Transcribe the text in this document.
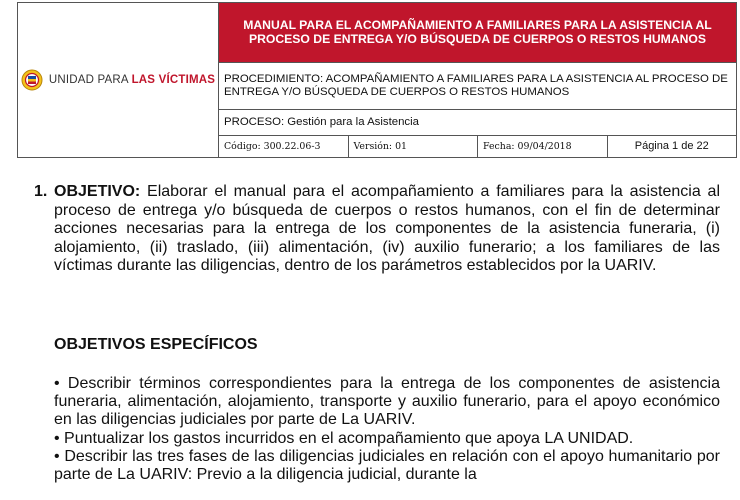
UNIDAD PARA LAS VÍCTIMAS	MANUAL PARA EL ACOMPAÑAMIENTO A FAMILIARES PARA LA ASISTENCIA AL PROCESO DE ENTREGA Y/O BÚSQUEDA DE CUERPOS O RESTOS HUMANOS			
	PROCEDIMIENTO: ACOMPAÑAMIENTO A FAMILIARES PARA LA ASISTENCIA AL PROCESO DE ENTREGA Y/O BÚSQUEDA DE CUERPOS O RESTOS HUMANOS			
	PROCESO: Gestión para la Asistencia			
	Código: 300.22.06-3	Versión: 01	Fecha: 09/04/2018	Página 1 de 22

1. OBJETIVO: Elaborar el manual para el acompañamiento a familiares para la asistencia al proceso de entrega y/o búsqueda de cuerpos o restos humanos, con el fin de determinar acciones necesarias para la entrega de los componentes de la asistencia funeraria, (i) alojamiento, (ii) traslado, (iii) alimentación, (iv) auxilio funerario; a los familiares de las víctimas durante las diligencias, dentro de los parámetros establecidos por la UARIV.

OBJETIVOS ESPECÍFICOS

• Describir términos correspondientes para la entrega de los componentes de asistencia funeraria, alimentación, alojamiento, transporte y auxilio funerario, para el apoyo económico en las diligencias judiciales por parte de La UARIV.

• Puntualizar los gastos incurridos en el acompañamiento que apoya LA UNIDAD.

• Describir las tres fases de las diligencias judiciales en relación con el apoyo humanitario por parte de La UARIV: Previo a la diligencia judicial, durante la
